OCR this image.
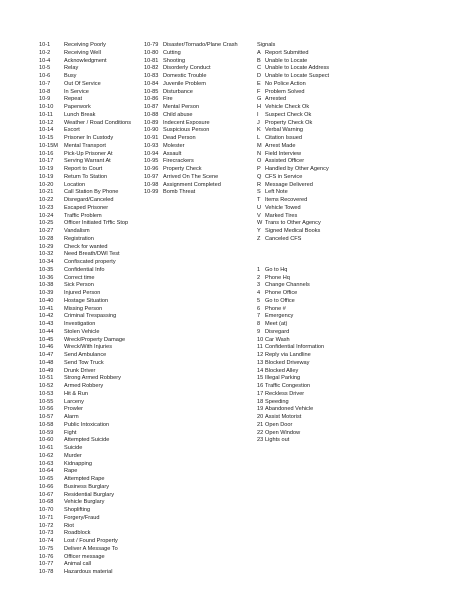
10-1 Receiving Poorly
10-2 Receiving Well
10-4 Acknowledgment
10-5 Relay
10-6 Busy
10-7 Out Of Service
10-8 In Service
10-9 Repeat
10-10 Paperwork
10-11 Lunch Break
10-12 Weather / Road Conditions
10-14 Escort
10-15 Prisoner In Custody
10-15M Mental Transport
10-16 Pick-Up Prisoner At
10-17 Serving Warrant At
10-19 Report to Court
10-19 Return To Station
10-20 Location
10-21 Call Station By Phone
10-22 Disregard/Canceled
10-23 Escaped Prisoner
10-24 Traffic Problem
10-25 Officer Initiated Trffic Stop
10-27 Vandalism
10-28 Registration
10-29 Check for wanted
10-32 Need Breath/DWI Test
10-34 Confiscated property
10-35 Confidential Info
10-36 Correct time
10-38 Sick Person
10-39 Injured Person
10-40 Hostage Situation
10-41 Missing Person
10-42 Criminal Trespassing
10-43 Investigation
10-44 Stolen Vehicle
10-45 Wreck/Property Damage
10-46 Wreck/With Injuries
10-47 Send Ambulance
10-48 Send Tow Truck
10-49 Drunk Driver
10-51 Strong Armed Robbery
10-52 Armed Robbery
10-53 Hit & Run
10-55 Larceny
10-56 Prowler
10-57 Alarm
10-58 Public Intoxication
10-59 Fight
10-60 Attempted Suicide
10-61 Suicide
10-62 Murder
10-63 Kidnapping
10-64 Rape
10-65 Attempted Rape
10-66 Business Burglary
10-67 Residential Burglary
10-68 Vehicle Burglary
10-70 Shoplifting
10-71 Forgery/Fraud
10-72 Riot
10-73 Roadblock
10-74 Lost / Found Property
10-75 Deliver A Message To
10-76 Officer message
10-77 Animal call
10-78 Hazardous material
10-79 Disaster/Tornado/Plane Crash
10-80 Cutting
10-81 Shooting
10-82 Disorderly Conduct
10-83 Domestic Trouble
10-84 Juvenile Problem
10-85 Disturbance
10-86 Fire
10-87 Mental Person
10-88 Child abuse
10-89 Indecent Exposure
10-90 Suspicious Person
10-91 Dead Person
10-93 Molester
10-94 Assault
10-95 Firecrackers
10-96 Property Check
10-97 Arrived On The Scene
10-98 Assignment Completed
10-99 Bomb Threat
Signals
A Report Submitted
B Unable to Locate
C Unable to Locate Address
D Unable to Locate Suspect
E No Police Action
F Problem Solved
G Arrested
H Vehicle Check Ok
I Suspect Check Ok
J Property Check Ok
K Verbal Warning
L Citation Issued
M Arrest Made
N Field Interview
O Assisted Officer
P Handled by Other Agency
Q CFS in Service
R Message Delivered
S Left Note
T Items Recovered
U Vehicle Towed
V Marked Tires
W Trans to Other Agency
Y Signed Medical Books
Z Canceled CFS
1 Go to Hq
2 Phone Hq
3 Change Channels
4 Phone Office
5 Go to Office
6 Phone #
7 Emergency
8 Meet (at)
9 Disregard
10 Car Wash
11 Confidential Information
12 Reply via Landline
13 Blocked Driveway
14 Blocked Alley
15 Illegal Parking
16 Traffic Congestion
17 Reckless Driver
18 Speeding
19 Abandoned Vehicle
20 Assist Motorist
21 Open Door
22 Open Window
23 Lights out
